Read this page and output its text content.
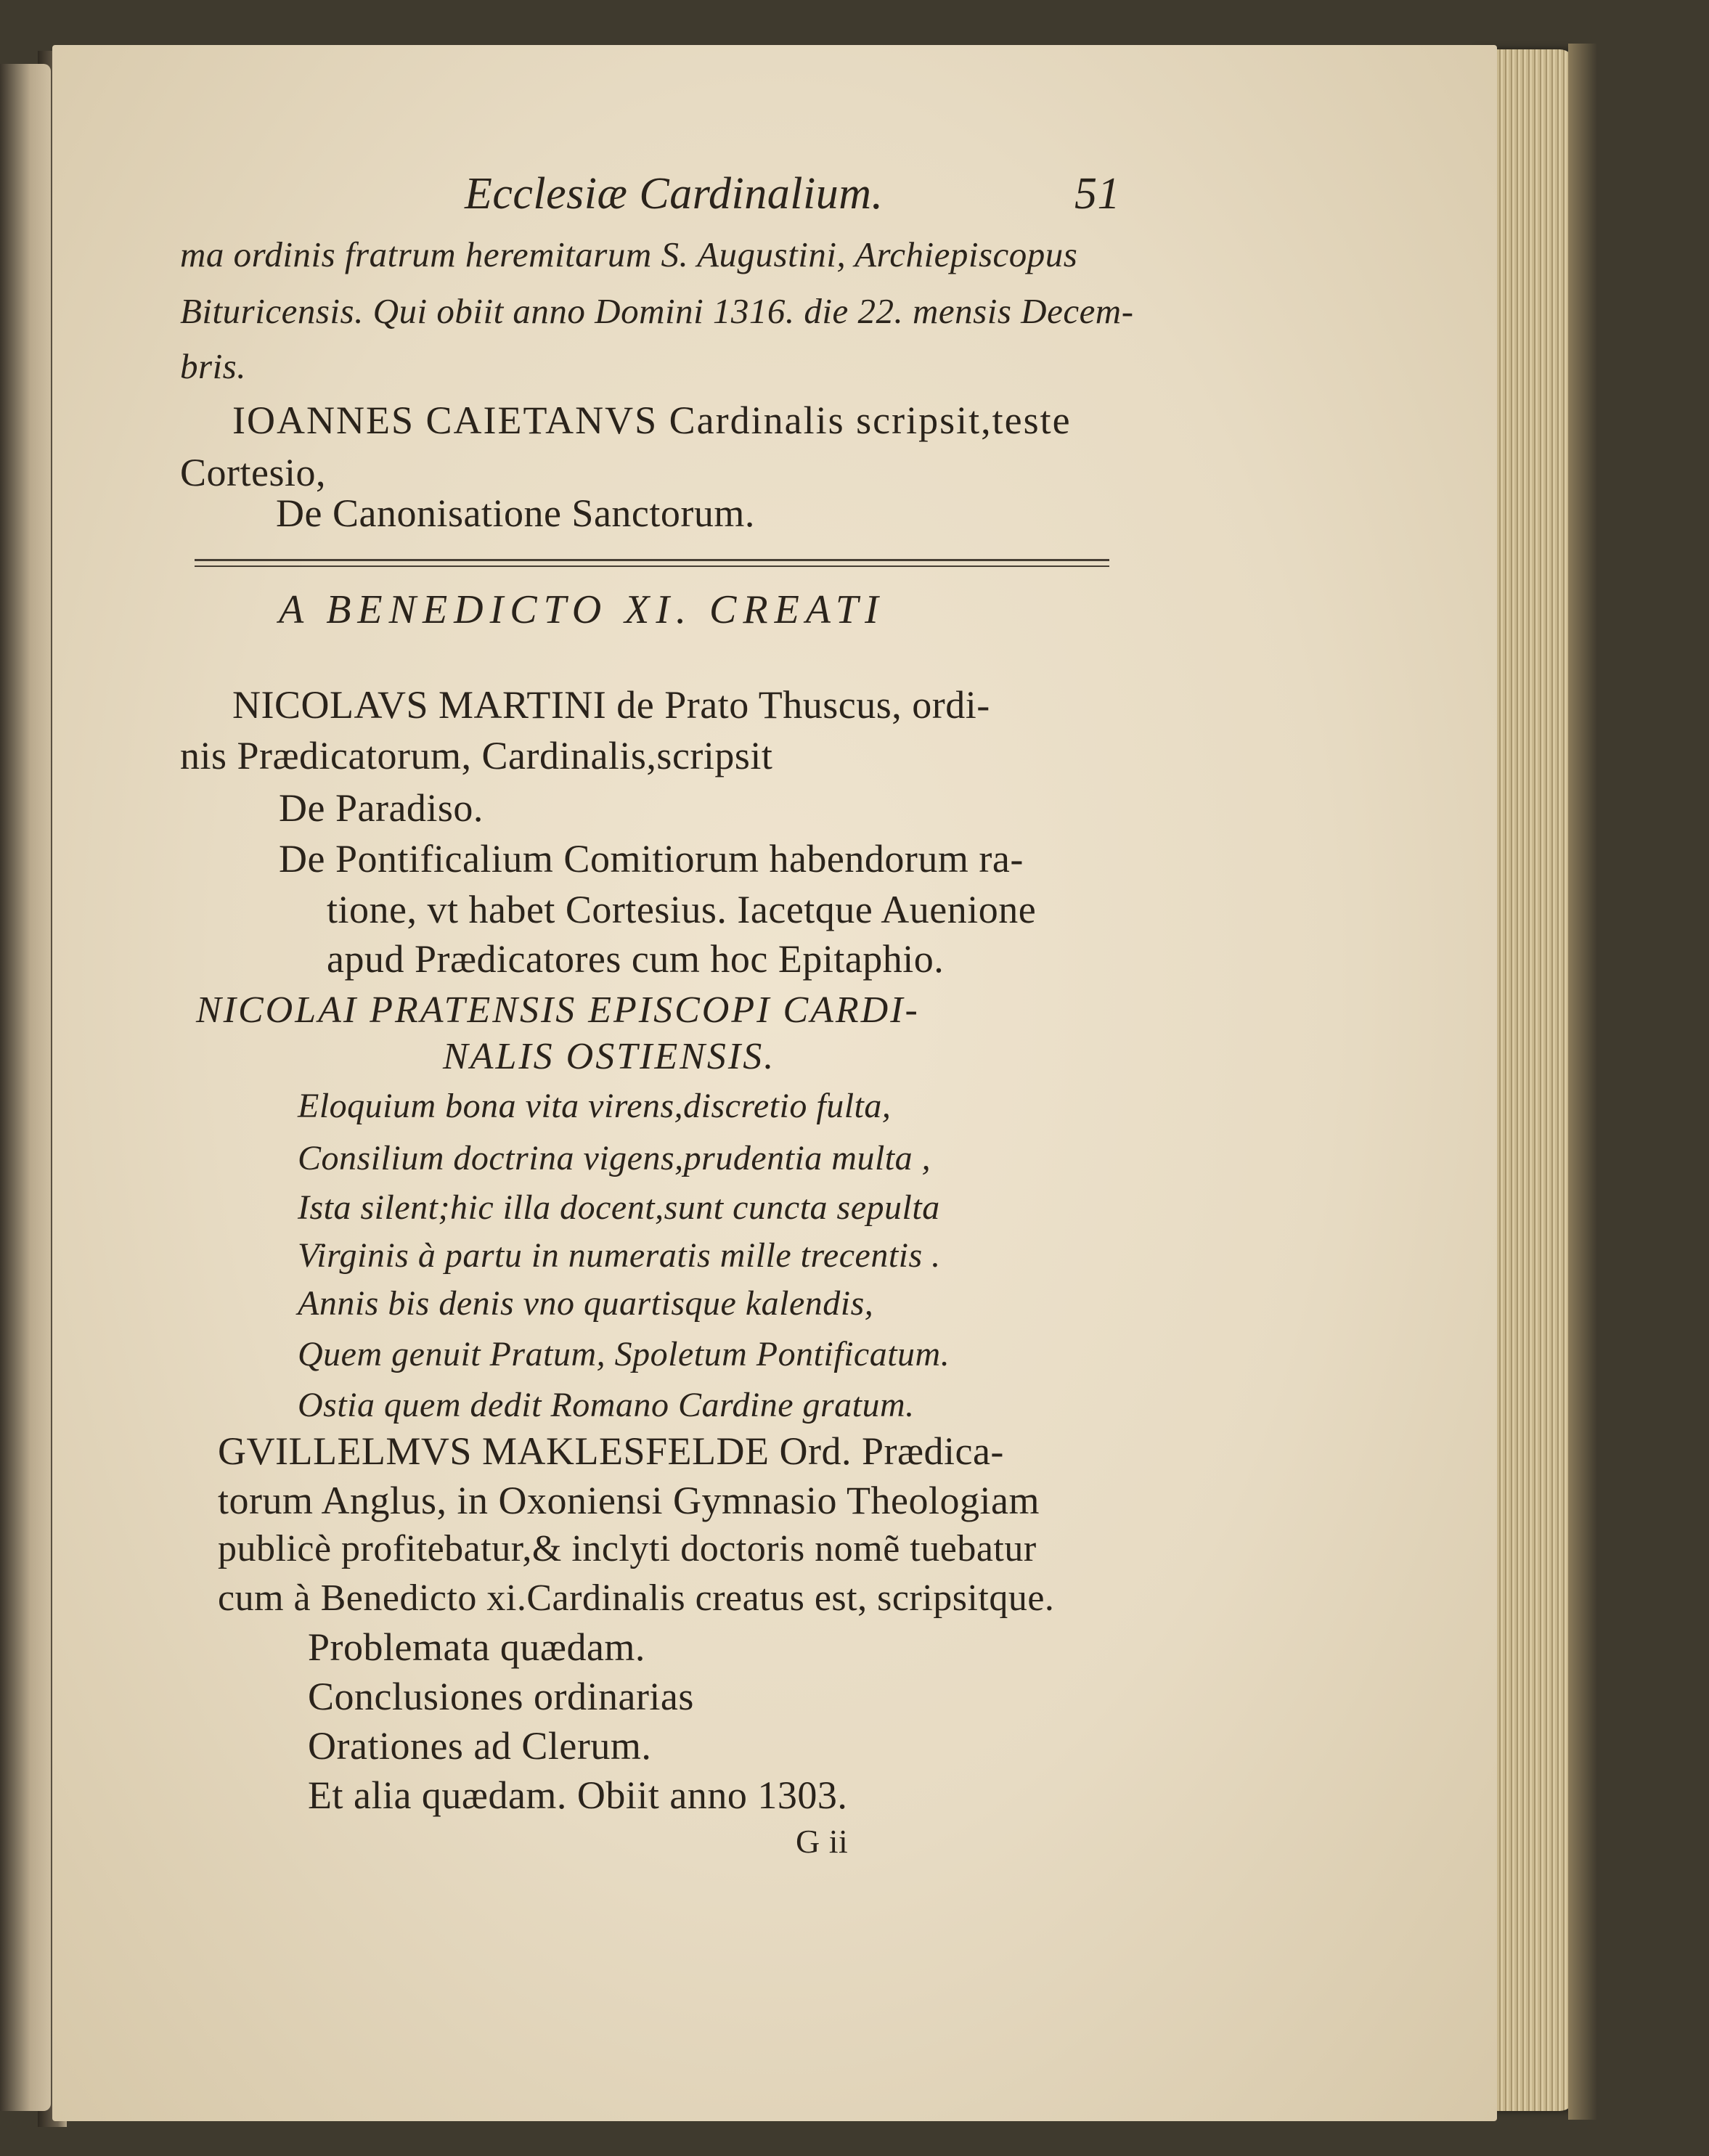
Ecclesiæ Cardinalium.	51
ma ordinis fratrum heremitarum S. Augustini, Archiepiscopus
Bituricensis. Qui obiit anno Domini 1316. die 22. mensis Decem-
bris.
IOANNES CAIETANVS Cardinalis scripsit,teste
Cortesio,
De Canonisatione Sanctorum.
A BENEDICTO XI. CREATI
NICOLAVS MARTINI de Prato Thuscus, ordi-
nis Prædicatorum, Cardinalis,scripsit
De Paradiso.
De Pontificalium Comitiorum habendorum ra-
tione, vt habet Cortesius. Iacetque Auenione
apud Prædicatores cum hoc Epitaphio.
NICOLAI PRATENSIS EPISCOPI CARDI-
NALIS OSTIENSIS.
Eloquium bona vita virens,discretio fulta,
Consilium doctrina vigens,prudentia multa ,
Ista silent;hic illa docent,sunt cuncta sepulta
Virginis à partu in numeratis mille trecentis .
Annis bis denis vno quartisque kalendis,
Quem genuit Pratum, Spoletum Pontificatum.
Ostia quem dedit Romano Cardine gratum.
GVILLELMVS MAKLESFELDE Ord. Prædica-
torum Anglus, in Oxoniensi Gymnasio Theologiam
publicè profitebatur,& inclyti doctoris nomẽ tuebatur
cum à Benedicto xi.Cardinalis creatus est, scripsitque.
Problemata quædam.
Conclusiones ordinarias
Orationes ad Clerum.
Et alia quædam. Obiit anno 1303.
G ii
